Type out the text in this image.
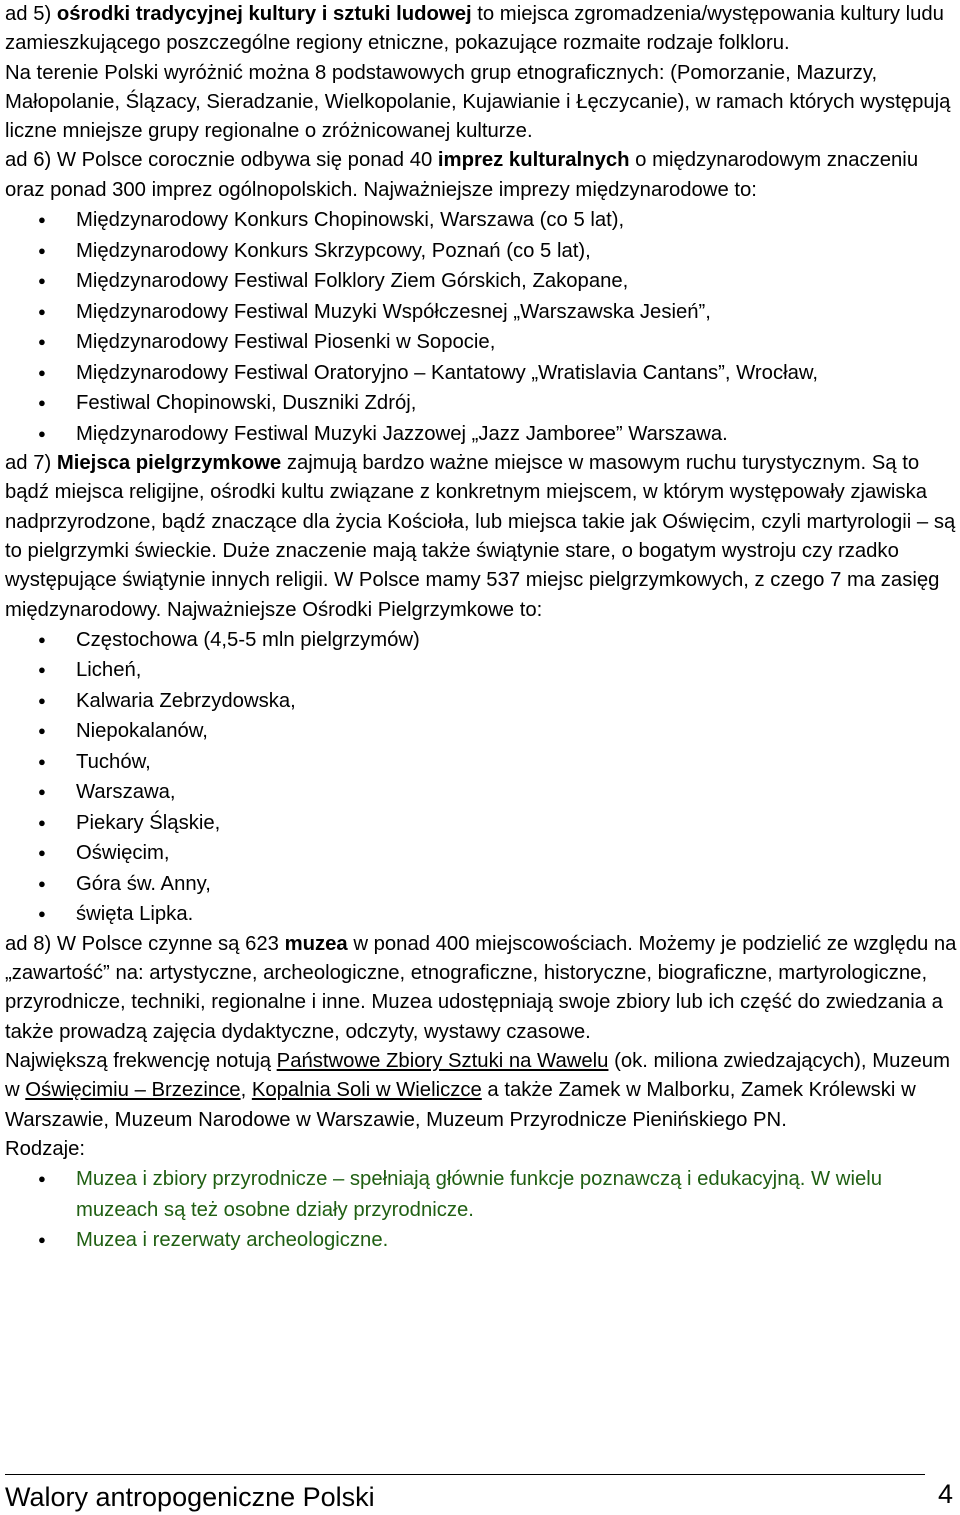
ad 5) ośrodki tradycyjnej kultury i sztuki ludowej to miejsca zgromadzenia/występowania kultury ludu zamieszkującego poszczególne regiony etniczne, pokazujące rozmaite rodzaje folkloru.

Na terenie Polski wyróżnić można 8 podstawowych grup etnograficznych: (Pomorzanie, Mazurzy, Małopolanie, Ślązacy, Sieradzanie, Wielkopolanie, Kujawianie i Łęczycanie), w ramach których występują liczne mniejsze grupy regionalne o zróżnicowanej kulturze.

ad 6) W Polsce corocznie odbywa się ponad 40 imprez kulturalnych o międzynarodowym znaczeniu oraz ponad 300 imprez ogólnopolskich. Najważniejsze imprezy międzynarodowe to:

● Międzynarodowy Konkurs Chopinowski, Warszawa (co 5 lat),
● Międzynarodowy Konkurs Skrzypcowy, Poznań (co 5 lat),
● Międzynarodowy Festiwal Folklory Ziem Górskich, Zakopane,
● Międzynarodowy Festiwal Muzyki Współczesnej „Warszawska Jesień”,
● Międzynarodowy Festiwal Piosenki w Sopocie,
● Międzynarodowy Festiwal Oratoryjno – Kantatowy „Wratislavia Cantans”, Wrocław,
● Festiwal Chopinowski, Duszniki Zdrój,
● Międzynarodowy Festiwal Muzyki Jazzowej „Jazz Jamboree” Warszawa.

ad 7) Miejsca pielgrzymkowe zajmują bardzo ważne miejsce w masowym ruchu turystycznym. Są to bądź miejsca religijne, ośrodki kultu związane z konkretnym miejscem, w którym występowały zjawiska nadprzyrodzone, bądź znaczące dla życia Kościoła, lub miejsca takie jak Oświęcim, czyli martyrologii – są to pielgrzymki świeckie. Duże znaczenie mają także świątynie stare, o bogatym wystroju czy rzadko występujące świątynie innych religii. W Polsce mamy 537 miejsc pielgrzymkowych, z czego 7 ma zasięg międzynarodowy. Najważniejsze Ośrodki Pielgrzymkowe to:

● Częstochowa (4,5-5 mln pielgrzymów)
● Licheń,
● Kalwaria Zebrzydowska,
● Niepokalanów,
● Tuchów,
● Warszawa,
● Piekary Śląskie,
● Oświęcim,
● Góra św. Anny,
● święta Lipka.

ad 8) W Polsce czynne są 623 muzea w ponad 400 miejscowościach. Możemy je podzielić ze względu na „zawartość” na: artystyczne, archeologiczne, etnograficzne, historyczne, biograficzne, martyrologiczne, przyrodnicze, techniki, regionalne i inne. Muzea udostępniają swoje zbiory lub ich część do zwiedzania a także prowadzą zajęcia dydaktyczne, odczyty, wystawy czasowe.

Największą frekwencję notują Państwowe Zbiory Sztuki na Wawelu (ok. miliona zwiedzających), Muzeum w Oświęcimiu – Brzezince, Kopalnia Soli w Wieliczce a także Zamek w Malborku, Zamek Królewski w Warszawie, Muzeum Narodowe w Warszawie, Muzeum Przyrodnicze Pienińskiego PN.

Rodzaje:

● Muzea i zbiory przyrodnicze – spełniają głównie funkcje poznawczą i edukacyjną. W wielu muzeach są też osobne działy przyrodnicze.
● Muzea i rezerwaty archeologiczne.
Walory antropogeniczne Polski	4
